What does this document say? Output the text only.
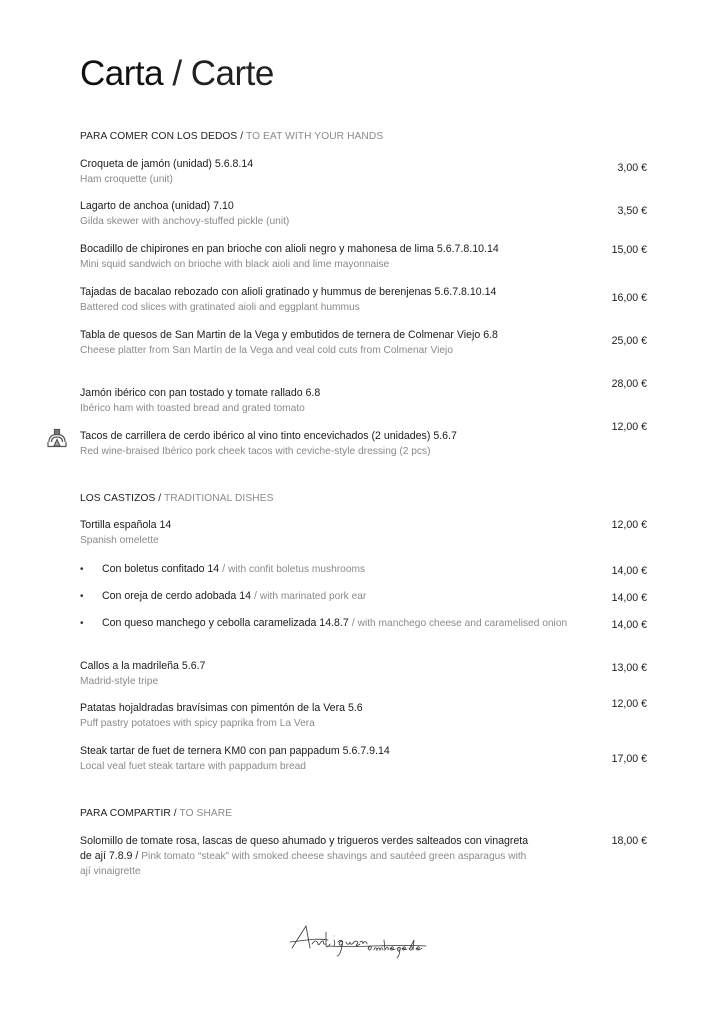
Carta / Carte
PARA COMER CON LOS DEDOS / TO EAT WITH YOUR HANDS
Croqueta de jamón (unidad) 5.6.8.14
Ham croquette (unit)
3,00 €
Lagarto de anchoa (unidad) 7.10
Gilda skewer with anchovy-stuffed pickle (unit)
3,50 €
Bocadillo de chipirones en pan brioche con alioli negro y mahonesa de lima 5.6.7.8.10.14
Mini squid sandwich on brioche with black aioli and lime mayonnaise
15,00 €
Tajadas de bacalao rebozado con alioli gratinado y hummus de berenjenas 5.6.7.8.10.14
Battered cod slices with gratinated aioli and eggplant hummus
16,00 €
Tabla de quesos de San Martin de la Vega y embutidos de ternera de Colmenar Viejo 6.8
Cheese platter from San Martín de la Vega and veal cold cuts from Colmenar Viejo
25,00 €
Jamón ibérico con pan tostado y tomate rallado 6.8
Ibérico ham with toasted bread and grated tomato
28,00 €
Tacos de carrillera de cerdo ibérico al vino tinto encevichados (2 unidades) 5.6.7
Red wine-braised Ibérico pork cheek tacos with ceviche-style dressing (2 pcs)
12,00 €
LOS CASTIZOS / TRADITIONAL DISHES
Tortilla española 14
Spanish omelette
12,00 €
• Con boletus confitado 14 / with confit boletus mushrooms	14,00 €
• Con oreja de cerdo adobada 14 / with marinated pork ear	14,00 €
• Con queso manchego y cebolla caramelizada 14.8.7 / with manchego cheese and caramelised onion	14,00 €
Callos a la madrileña 5.6.7
Madrid-style tripe
13,00 €
Patatas hojaldradas bravísimas con pimentón de la Vera 5.6
Puff pastry potatoes with spicy paprika from La Vera
12,00 €
Steak tartar de fuet de ternera KM0 con pan pappadum 5.6.7.9.14
Local veal fuet steak tartare with pappadum bread
17,00 €
PARA COMPARTIR / TO SHARE
Solomillo de tomate rosa, lascas de queso ahumado y trigueros verdes salteados con vinagreta de ají 7.8.9 / Pink tomato “steak” with smoked cheese shavings and sautéed green asparagus with ají vinaigrette
18,00 €
